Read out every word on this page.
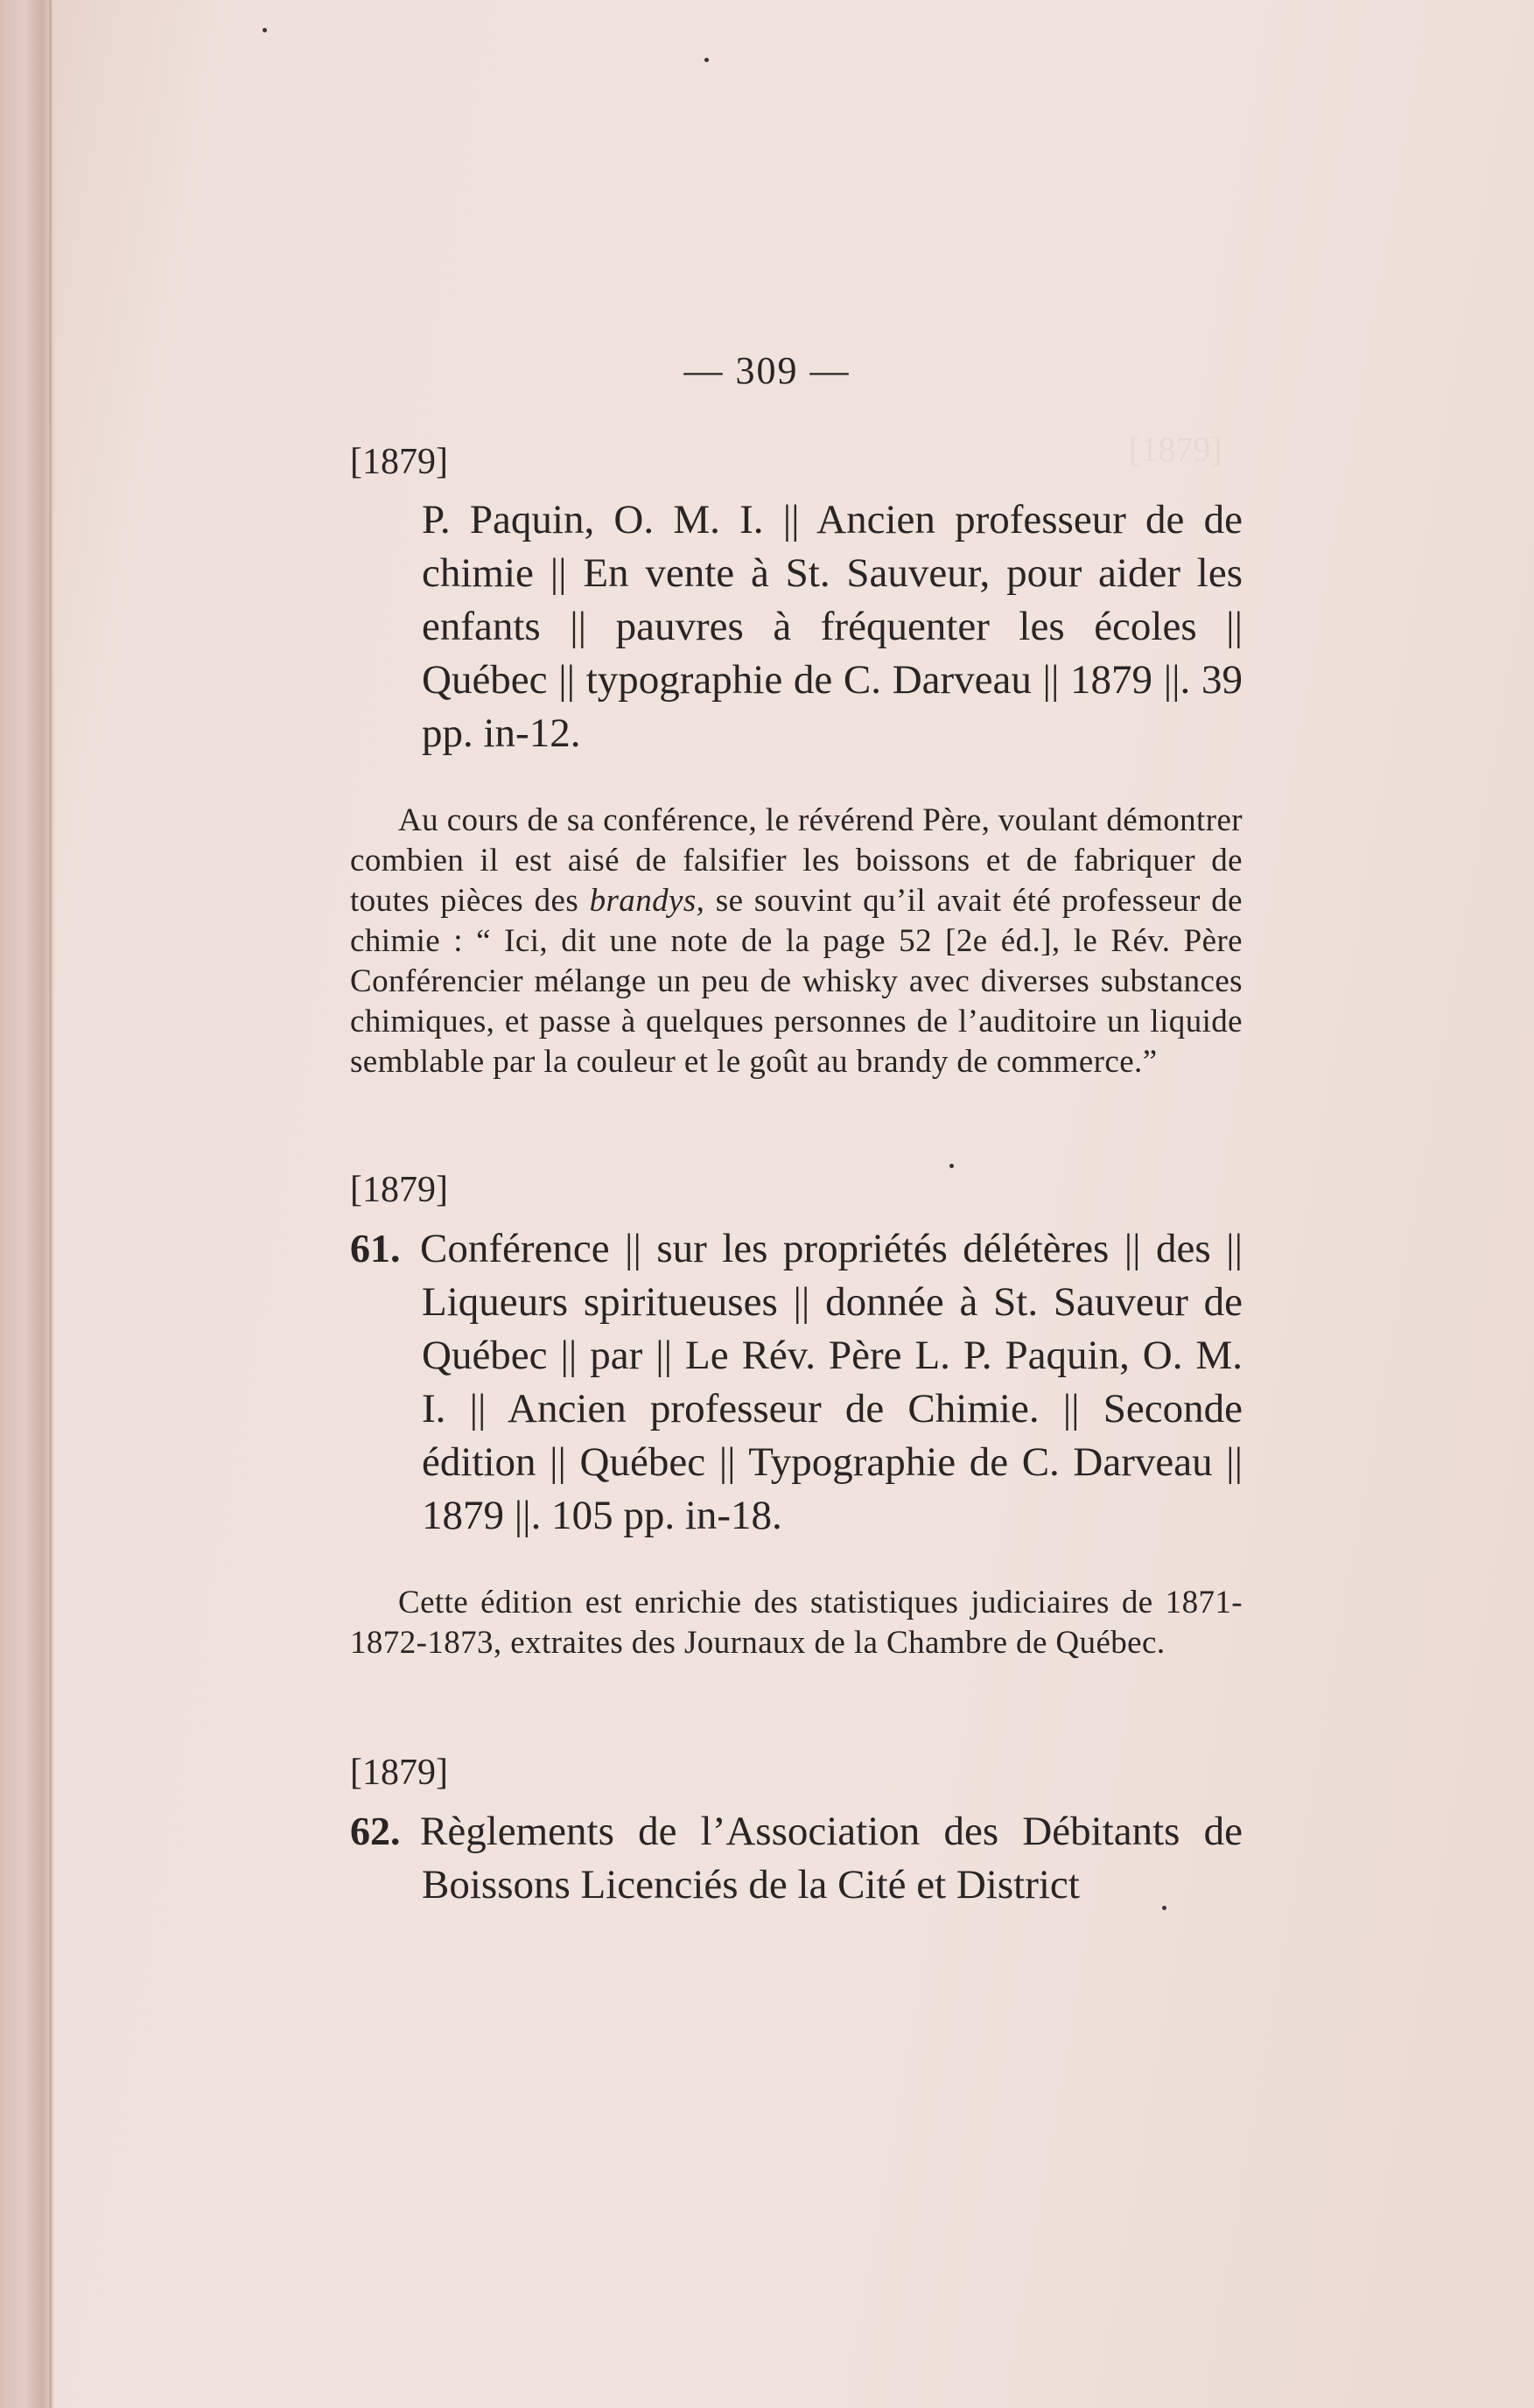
[1879]
— 309 —
[1879]
P. Paquin, O. M. I. || Ancien professeur de de chimie || En vente à St. Sauveur, pour aider les enfants || pauvres à fréquenter les écoles || Québec || typographie de C. Darveau || 1879 ||. 39 pp. in-12.
Au cours de sa conférence, le révérend Père, voulant démontrer combien il est aisé de falsifier les boissons et de fabriquer de toutes pièces des brandys, se souvint qu’il avait été professeur de chimie : “ Ici, dit une note de la page 52 [2e éd.], le Rév. Père Conférencier mélange un peu de whisky avec diverses substances chimiques, et passe à quelques personnes de l’auditoire un liquide semblable par la couleur et le goût au brandy de commerce.”
[1879]
61. Conférence || sur les propriétés délétères || des || Liqueurs spiritueuses || donnée à St. Sauveur de Québec || par || Le Rév. Père L. P. Paquin, O. M. I. || Ancien professeur de Chimie. || Seconde édition || Québec || Typographie de C. Darveau || 1879 ||. 105 pp. in-18.
Cette édition est enrichie des statistiques judiciaires de 1871-1872-1873, extraites des Journaux de la Chambre de Québec.
[1879]
62. Règlements de l’Association des Débitants de Boissons Licenciés de la Cité et District
